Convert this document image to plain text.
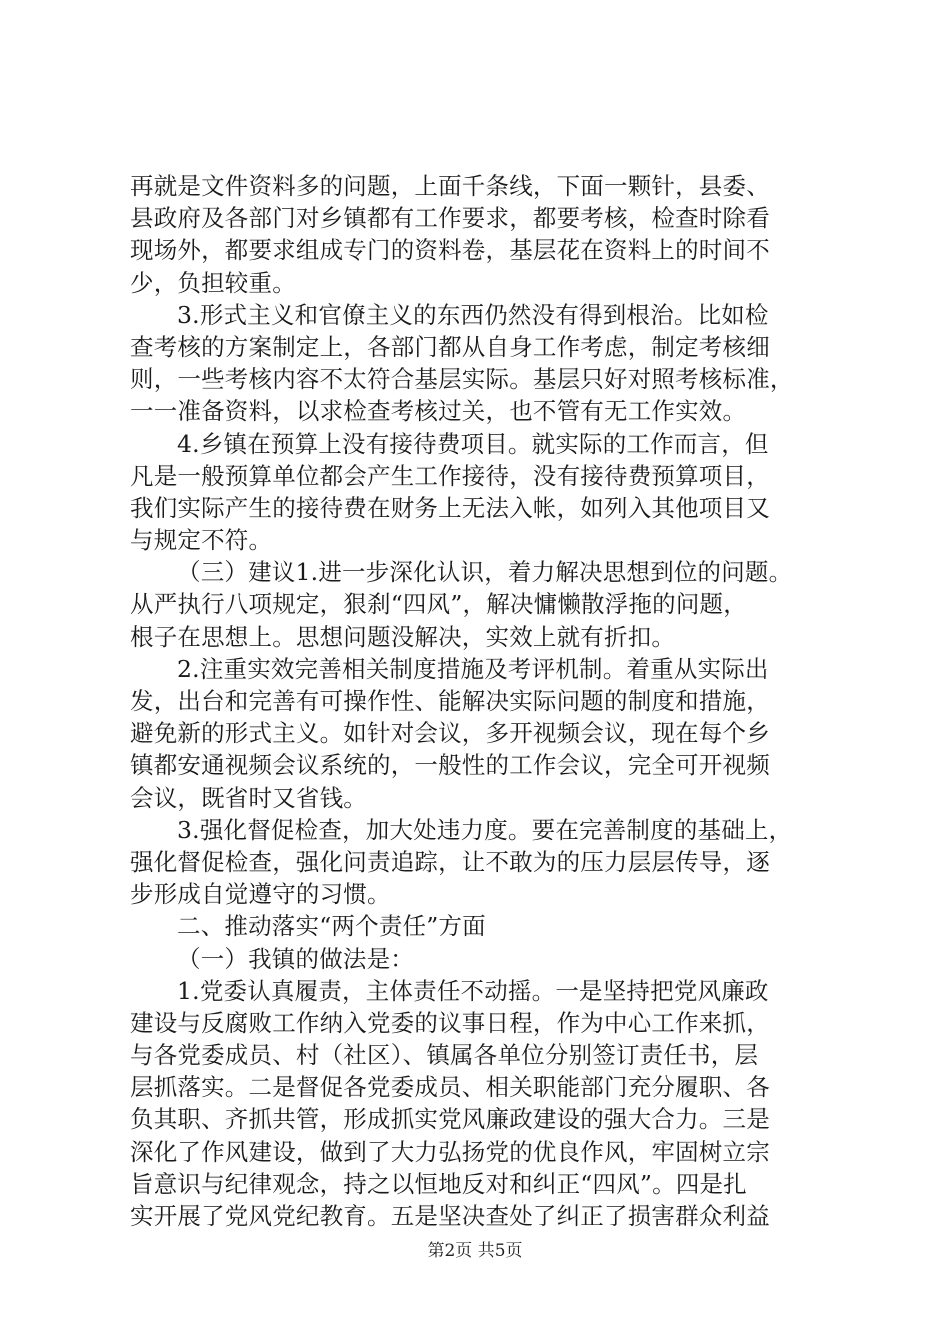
再就是文件资料多的问题，上面千条线，下面一颗针，县委、
县政府及各部门对乡镇都有工作要求，都要考核，检查时除看
现场外，都要求组成专门的资料卷，基层花在资料上的时间不
少，负担较重。
3.形式主义和官僚主义的东西仍然没有得到根治。比如检
查考核的方案制定上，各部门都从自身工作考虑，制定考核细
则，一些考核内容不太符合基层实际。基层只好对照考核标准，
一一准备资料，以求检查考核过关，也不管有无工作实效。
4.乡镇在预算上没有接待费项目。就实际的工作而言，但
凡是一般预算单位都会产生工作接待，没有接待费预算项目，
我们实际产生的接待费在财务上无法入帐，如列入其他项目又
与规定不符。
（三）建议1.进一步深化认识，着力解决思想到位的问题。
从严执行八项规定，狠刹“四风”，解决慵懒散浮拖的问题，
根子在思想上。思想问题没解决，实效上就有折扣。
2.注重实效完善相关制度措施及考评机制。着重从实际出
发，出台和完善有可操作性、能解决实际问题的制度和措施，
避免新的形式主义。如针对会议，多开视频会议，现在每个乡
镇都安通视频会议系统的，一般性的工作会议，完全可开视频
会议，既省时又省钱。
3.强化督促检查，加大处违力度。要在完善制度的基础上，
强化督促检查，强化问责追踪，让不敢为的压力层层传导，逐
步形成自觉遵守的习惯。
二、推动落实“两个责任”方面
（一）我镇的做法是：
1.党委认真履责，主体责任不动摇。一是坚持把党风廉政
建设与反腐败工作纳入党委的议事日程，作为中心工作来抓，
与各党委成员、村（社区）、镇属各单位分别签订责任书，层
层抓落实。二是督促各党委成员、相关职能部门充分履职、各
负其职、齐抓共管，形成抓实党风廉政建设的强大合力。三是
深化了作风建设，做到了大力弘扬党的优良作风，牢固树立宗
旨意识与纪律观念，持之以恒地反对和纠正“四风”。四是扎
实开展了党风党纪教育。五是坚决查处了纠正了损害群众利益
第2页 共5页
